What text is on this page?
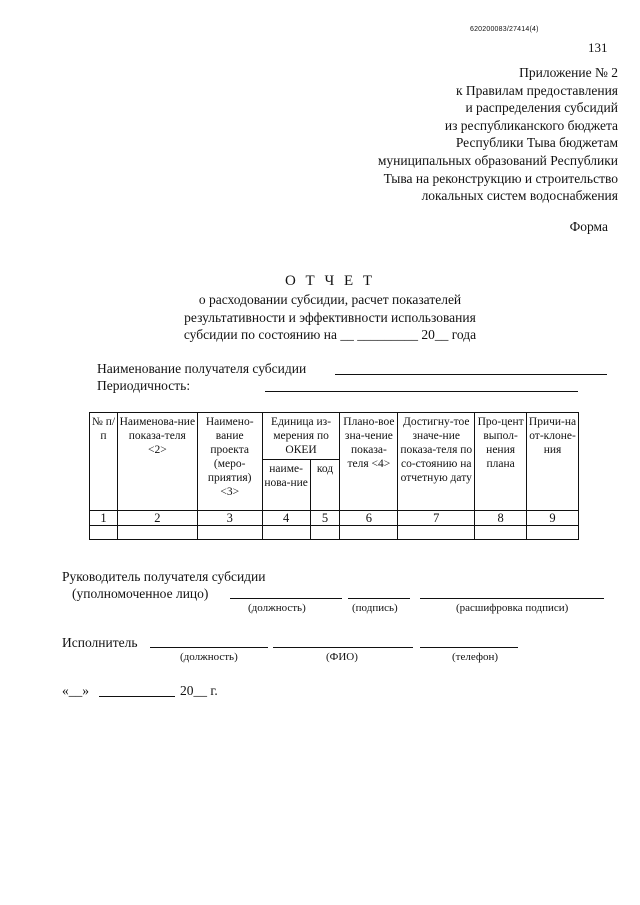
620200083/27414(4)
131
Приложение № 2
к Правилам предоставления
и распределения субсидий
из республиканского бюджета
Республики Тыва бюджетам
муниципальных образований Республики
Тыва на реконструкцию и строительство
локальных систем водоснабжения
Форма
О Т Ч Е Т
о расходовании субсидии, расчет показателей
результативности и эффективности использования
субсидии по состоянию на __ _________ 20__ года
Наименование получателя субсидии
Периодичность:
№ п/п	Наименова-ние показа-теля <2>	Наимено-вание проекта (меро-приятия) <3>	Единица из-мерения по ОКЕИ		Плано-вое зна-чение показа-теля <4>	Достигну-тое значе-ние показа-теля по со-стоянию на отчетную дату	Про-цент выпол-нения плана	Причи-на от-клоне-ния
			наиме-нова-ние	код				
1	2	3	4	5	6	7	8	9

Руководитель получателя субсидии
(уполномоченное лицо)
(должность)	(подпись)	(расшифровка подписи)
Исполнитель
(должность)	(ФИО)	(телефон)
«__»	20__ г.
